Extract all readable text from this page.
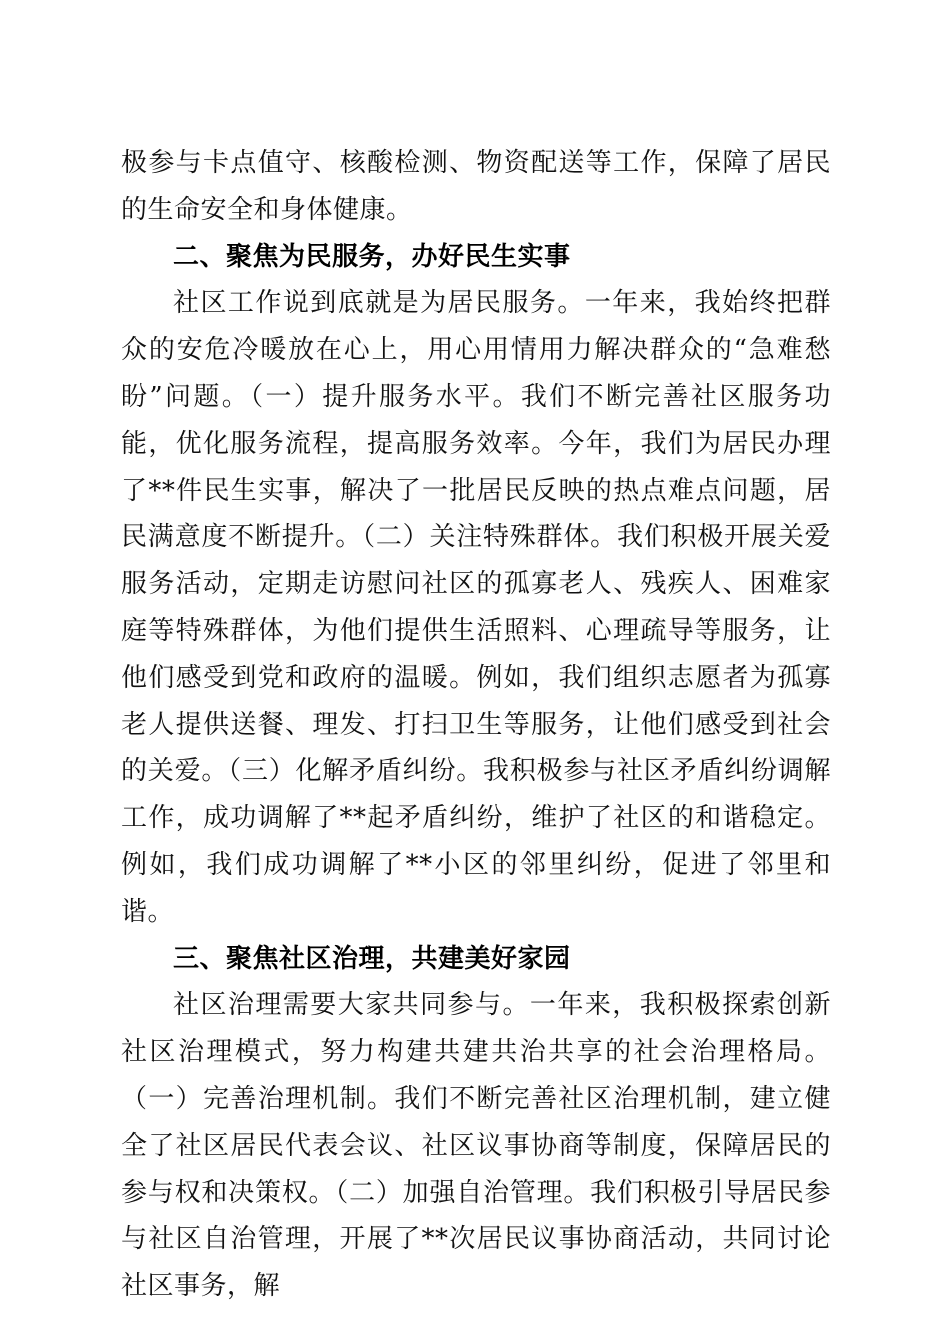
极参与卡点值守、核酸检测、物资配送等工作，保障了居民的生命安全和身体健康。

二、聚焦为民服务，办好民生实事

社区工作说到底就是为居民服务。一年来，我始终把群众的安危冷暖放在心上，用心用情用力解决群众的“急难愁盼”问题。（一）提升服务水平。我们不断完善社区服务功能，优化服务流程，提高服务效率。今年，我们为居民办理了**件民生实事，解决了一批居民反映的热点难点问题，居民满意度不断提升。（二）关注特殊群体。我们积极开展关爱服务活动，定期走访慰问社区的孤寡老人、残疾人、困难家庭等特殊群体，为他们提供生活照料、心理疏导等服务，让他们感受到党和政府的温暖。例如，我们组织志愿者为孤寡老人提供送餐、理发、打扫卫生等服务，让他们感受到社会的关爱。（三）化解矛盾纠纷。我积极参与社区矛盾纠纷调解工作，成功调解了**起矛盾纠纷，维护了社区的和谐稳定。例如，我们成功调解了**小区的邻里纠纷，促进了邻里和谐。

三、聚焦社区治理，共建美好家园

社区治理需要大家共同参与。一年来，我积极探索创新社区治理模式，努力构建共建共治共享的社会治理格局。（一）完善治理机制。我们不断完善社区治理机制，建立健全了社区居民代表会议、社区议事协商等制度，保障居民的参与权和决策权。（二）加强自治管理。我们积极引导居民参与社区自治管理，开展了**次居民议事协商活动，共同讨论社区事务，解
